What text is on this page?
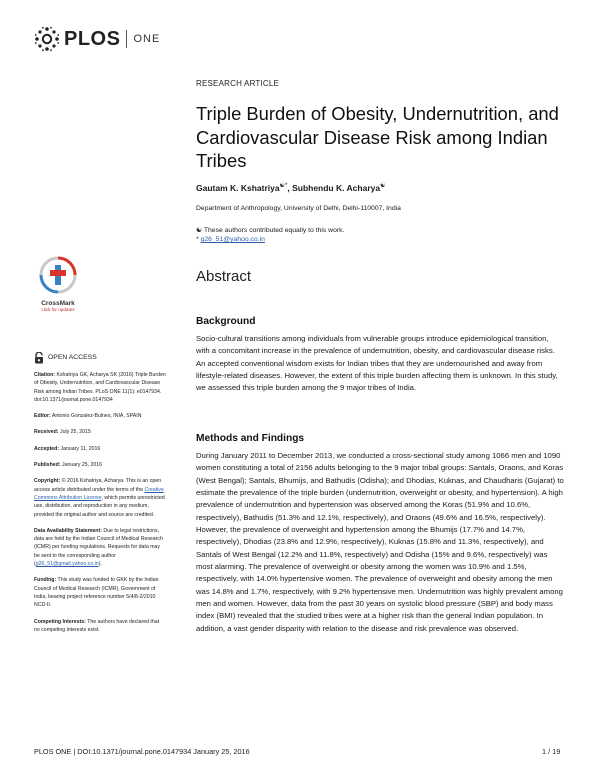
PLOS ONE
RESEARCH ARTICLE
Triple Burden of Obesity, Undernutrition, and Cardiovascular Disease Risk among Indian Tribes
Gautam K. Kshatriya☯*, Subhendu K. Acharya☯
Department of Anthropology, University of Delhi, Delhi-110007, India
☯ These authors contributed equally to this work.
* g26_51@yahoo.co.in
CrossMark
click for updates
OPEN ACCESS
Citation: Kshatriya GK, Acharya SK (2016) Triple Burden of Obesity, Undernutrition, and Cardiovascular Disease Risk among Indian Tribes. PLoS ONE 11(1): e0147934. doi:10.1371/journal.pone.0147934
Editor: Antonio Gonzalez-Bulnes, INIA, SPAIN
Received: July 25, 2015
Accepted: January 11, 2016
Published: January 25, 2016
Copyright: © 2016 Kshatriya, Acharya. This is an open access article distributed under the terms of the Creative Commons Attribution License, which permits unrestricted use, distribution, and reproduction in any medium, provided the original author and source are credited.
Data Availability Statement: Due to legal restrictions, data are held by the Indian Council of Medical Research (ICMR) per funding regulations. Requests for data may be sent to the corresponding author (g26_51@gmail.yahoo.co.in).
Funding: This study was funded to GKK by the Indian Council of Medical Research (ICMR), Government of India, bearing project reference number 5/4/8-2/2010 NCD-II.
Competing Interests: The authors have declared that no competing interests exist.
Abstract
Background
Socio-cultural transitions among individuals from vulnerable groups introduce epidemiological transition, with a concomitant increase in the prevalence of undernutrition, obesity, and cardiovascular disease risks. An accepted conventional wisdom exists for Indian tribes that they are undernourished and away from lifestyle-related diseases. However, the extent of this triple burden affecting them is unknown. In this study, we assessed this triple burden among the 9 major tribes of India.
Methods and Findings
During January 2011 to December 2013, we conducted a cross-sectional study among 1066 men and 1090 women constituting a total of 2156 adults belonging to the 9 major tribal groups: Santals, Oraons, and Koras (West Bengal); Santals, Bhumijs, and Bathudis (Odisha); and Dhodias, Kuknas, and Chaudharis (Gujarat) to estimate the prevalence of the triple burden (undernutrition, overweight or obesity, and hypertension). A high prevalence of undernutrition and hypertension was observed among the Koras (51.9% and 10.6%, respectively), Bathudis (51.3% and 12.1%, respectively), and Oraons (49.6% and 16.5%, respectively). However, the prevalence of overweight and hypertension among the Bhumijs (17.7% and 14.7%, respectively), Dhodias (23.8% and 12.9%, respectively), Kuknas (15.8% and 11.3%, respectively), and Santals of West Bengal (12.2% and 11.8%, respectively) and Odisha (15% and 9.6%, respectively) was most alarming. The prevalence of overweight or obesity among the women was 10.9% and 1.5%, respectively, with 14.0% hypertensive women. The prevalence of overweight and obesity among the men was 14.8% and 1.7%, respectively, with 9.2% hypertensive men. Undernutrition was highly prevalent among men and women. However, data from the past 30 years on systolic blood pressure (SBP) and body mass index (BMI) revealed that the studied tribes were at a higher risk than the general Indian population. In addition, a vast gender disparity with relation to the disease and risk prevalence was observed.
PLOS ONE | DOI:10.1371/journal.pone.0147934 January 25, 2016	1 / 19
